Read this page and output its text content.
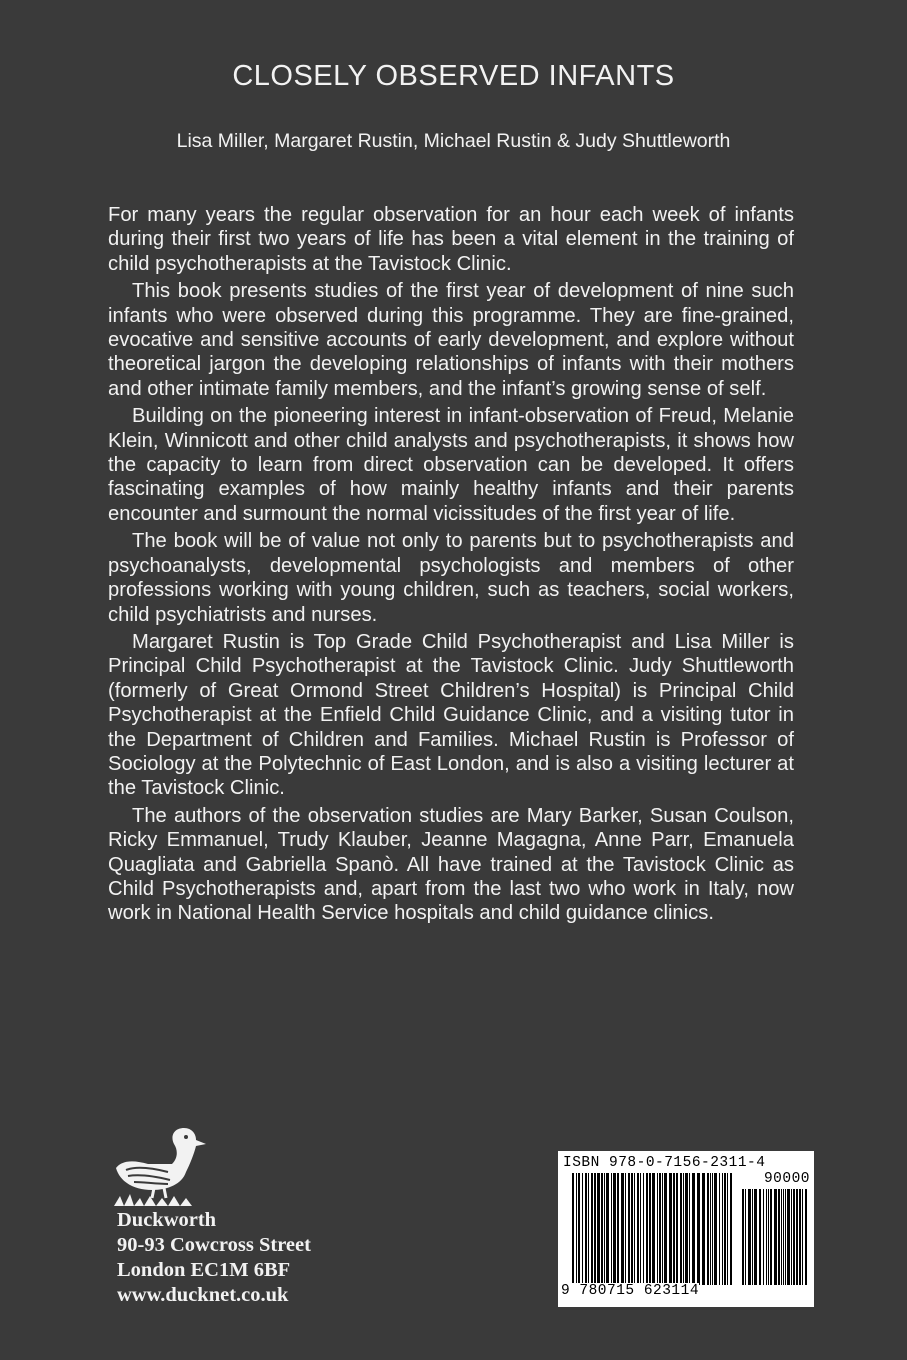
CLOSELY OBSERVED INFANTS

Lisa Miller, Margaret Rustin, Michael Rustin & Judy Shuttleworth

For many years the regular observation for an hour each week of infants during their first two years of life has been a vital element in the training of child psychotherapists at the Tavistock Clinic.

This book presents studies of the first year of development of nine such infants who were observed during this programme. They are fine-grained, evocative and sensitive accounts of early development, and explore without theoretical jargon the developing relationships of infants with their mothers and other intimate family members, and the infant’s growing sense of self.

Building on the pioneering interest in infant-observation of Freud, Melanie Klein, Winnicott and other child analysts and psychotherapists, it shows how the capacity to learn from direct observation can be developed. It offers fascinating examples of how mainly healthy infants and their parents encounter and surmount the normal vicissitudes of the first year of life.

The book will be of value not only to parents but to psychotherapists and psychoanalysts, developmental psychologists and members of other professions working with young children, such as teachers, social workers, child psychiatrists and nurses.

Margaret Rustin is Top Grade Child Psychotherapist and Lisa Miller is Principal Child Psychotherapist at the Tavistock Clinic. Judy Shuttleworth (formerly of Great Ormond Street Children’s Hospital) is Principal Child Psychotherapist at the Enfield Child Guidance Clinic, and a visiting tutor in the Department of Children and Families. Michael Rustin is Professor of Sociology at the Polytechnic of East London, and is also a visiting lecturer at the Tavistock Clinic.

The authors of the observation studies are Mary Barker, Susan Coulson, Ricky Emmanuel, Trudy Klauber, Jeanne Magagna, Anne Parr, Emanuela Quagliata and Gabriella Spanò. All have trained at the Tavistock Clinic as Child Psychotherapists and, apart from the last two who work in Italy, now work in National Health Service hospitals and child guidance clinics.

Duckworth
90-93 Cowcross Street
London EC1M 6BF
www.ducknet.co.uk
ISBN 978-0-7156-2311-4
90000
9 780715 623114
